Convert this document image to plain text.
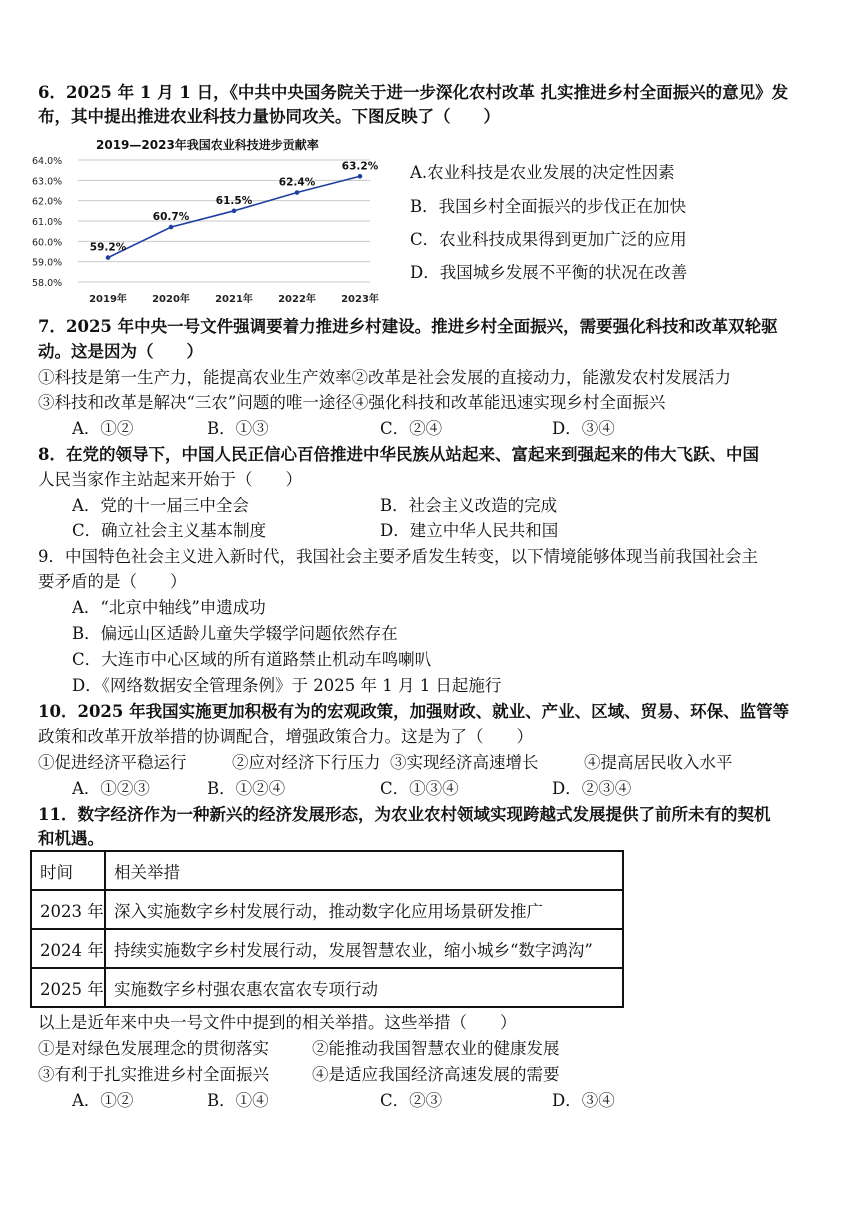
6．2025 年 1 月 1 日，《中共中央国务院关于进一步深化农村改革 扎实推进乡村全面振兴的意见》发
布，其中提出推进农业科技力量协同攻关。下图反映了（　　）
2019—2023年我国农业科技进步贡献率
64.0%
63.0%
62.0%
61.0%
60.0%
59.0%
58.0%
2019年	2020年	2021年	2022年	2023年
59.2%
60.7%
61.5%
62.4%
63.2% A.农业科技是农业发展的决定性因素
B．我国乡村全面振兴的步伐正在加快
C．农业科技成果得到更加广泛的应用
D．我国城乡发展不平衡的状况在改善
7．2025 年中央一号文件强调要着力推进乡村建设。推进乡村全面振兴，需要强化科技和改革双轮驱
动。这是因为（　　）
①科技是第一生产力，能提高农业生产效率②改革是社会发展的直接动力，能激发农村发展活力
③科技和改革是解决“三农”问题的唯一途径④强化科技和改革能迅速实现乡村全面振兴
A．①②	B．①③	C．②④	D．③④
8．在党的领导下，中国人民正信心百倍推进中华民族从站起来、富起来到强起来的伟大飞跃、中国
人民当家作主站起来开始于（　　）
A．党的十一届三中全会	B．社会主义改造的完成
C．确立社会主义基本制度	D．建立中华人民共和国
9．中国特色社会主义进入新时代，我国社会主要矛盾发生转变，以下情境能够体现当前我国社会主
要矛盾的是（　　）
A．“北京中轴线”申遗成功
B．偏远山区适龄儿童失学辍学问题依然存在
C．大连市中心区域的所有道路禁止机动车鸣喇叭
D．《网络数据安全管理条例》于 2025 年 1 月 1 日起施行
10．2025 年我国实施更加积极有为的宏观政策，加强财政、就业、产业、区域、贸易、环保、监管等
政策和改革开放举措的协调配合，增强政策合力。这是为了（　　）
①促进经济平稳运行	②应对经济下行压力 ③实现经济高速增长	④提高居民收入水平
A．①②③	B．①②④	C．①③④	D．②③④
11．数字经济作为一种新兴的经济发展形态，为农业农村领域实现跨越式发展提供了前所未有的契机
和机遇。
时间	相关举措
2023 年	深入实施数字乡村发展行动，推动数字化应用场景研发推广
2024 年	持续实施数字乡村发展行动，发展智慧农业，缩小城乡“数字鸿沟”
2025 年	实施数字乡村强农惠农富农专项行动
以上是近年来中央一号文件中提到的相关举措。这些举措（　　）
①是对绿色发展理念的贯彻落实	②能推动我国智慧农业的健康发展
③有利于扎实推进乡村全面振兴	④是适应我国经济高速发展的需要
A．①②	B．①④	C．②③	D．③④
